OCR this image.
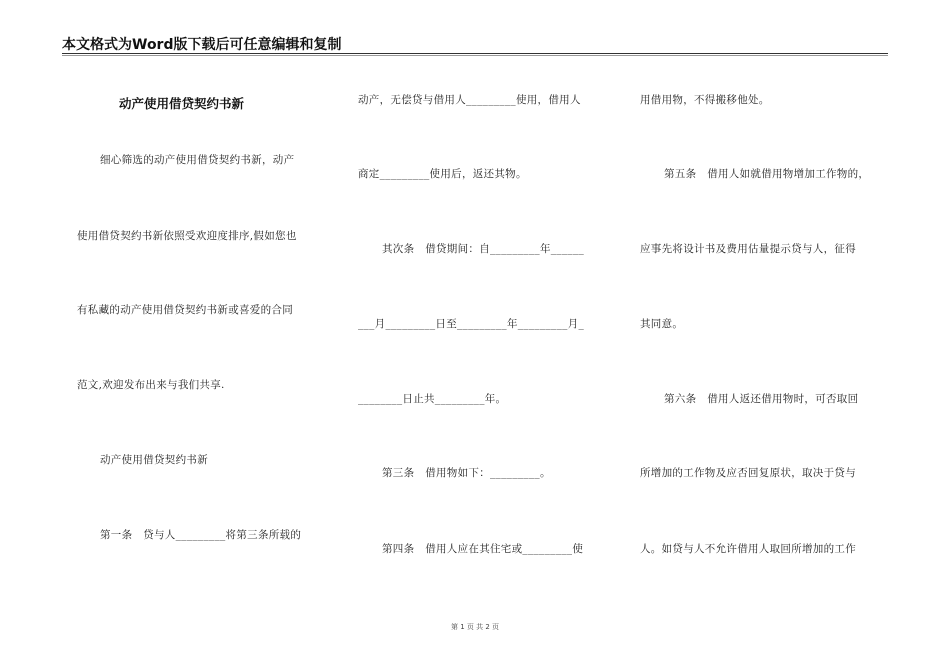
本文格式为Word版下载后可任意编辑和复制
动产使用借贷契约书新
细心筛选的动产使用借贷契约书新，动产
使用借贷契约书新依照受欢迎度排序,假如您也
有私藏的动产使用借贷契约书新或喜爱的合同
范文,欢迎发布出来与我们共享.
动产使用借贷契约书新
第一条　贷与人_________将第三条所载的
动产，无偿贷与借用人_________使用，借用人
商定_________使用后，返还其物。
其次条　借贷期间：自_________年______
___月_________日至_________年_________月_
________日止共_________年。
第三条　借用物如下：_________。
第四条　借用人应在其住宅或_________使
用借用物，不得搬移他处。
第五条　借用人如就借用物增加工作物的，
应事先将设计书及费用估量提示贷与人，征得
其同意。
第六条　借用人返还借用物时，可否取回
所增加的工作物及应否回复原状，取决于贷与
人。如贷与人不允许借用人取回所增加的工作
第 1 页 共 2 页
